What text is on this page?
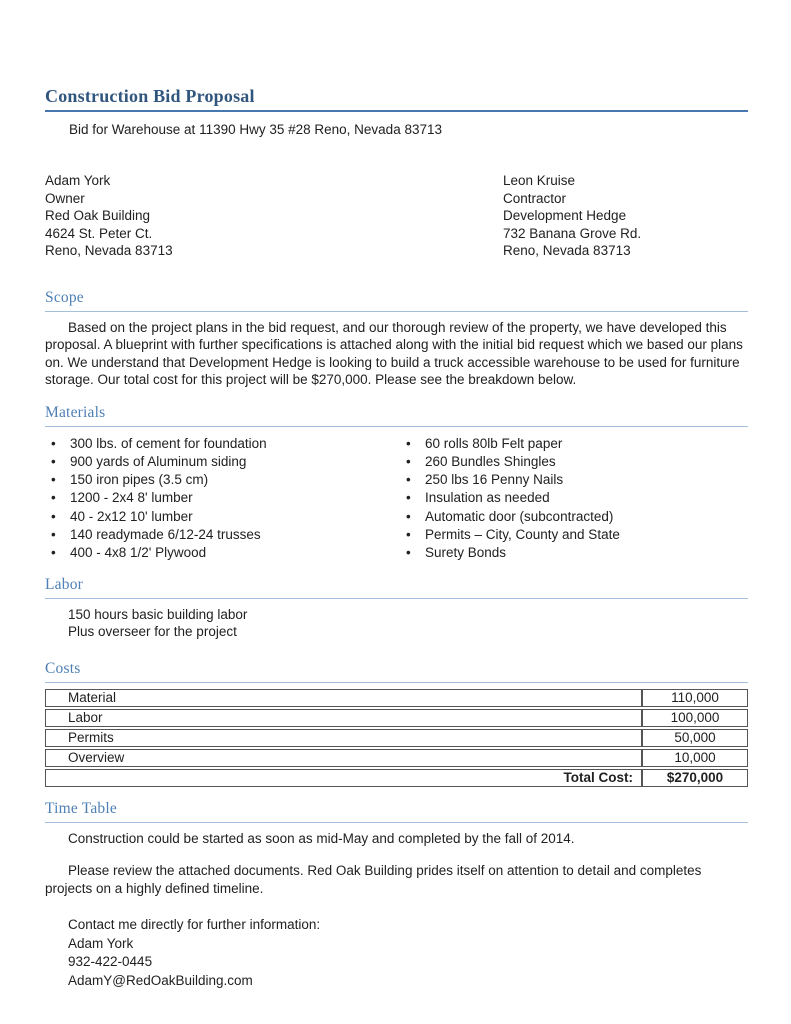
Construction Bid Proposal

Bid for Warehouse at 11390 Hwy 35 #28 Reno, Nevada 83713

Adam York

Owner

Red Oak Building

4624 St. Peter Ct.

Reno, Nevada 83713

Leon Kruise

Contractor

Development Hedge

732 Banana Grove Rd.

Reno, Nevada 83713

Scope

Based on the project plans in the bid request, and our thorough review of the property, we have developed this proposal. A blueprint with further specifications is attached along with the initial bid request which we based our plans on. We understand that Development Hedge is looking to build a truck accessible warehouse to be used for furniture storage. Our total cost for this project will be $270,000. Please see the breakdown below.

Materials
• 300 lbs. of cement for foundation
• 900 yards of Aluminum siding
• 150 iron pipes (3.5 cm)
• 1200 - 2x4 8' lumber
• 40 - 2x12 10' lumber
• 140 readymade 6/12-24 trusses
• 400 - 4x8 1/2' Plywood
• 60 rolls 80lb Felt paper
• 260 Bundles Shingles
• 250 lbs 16 Penny Nails
• Insulation as needed
• Automatic door (subcontracted)
• Permits – City, County and State
• Surety Bonds
Labor

150 hours basic building labor

Plus overseer for the project

Costs
Material	110,000
Labor	100,000
Permits	50,000
Overview	10,000
Total Cost:	$270,000
Time Table

Construction could be started as soon as mid-May and completed by the fall of 2014.

Please review the attached documents. Red Oak Building prides itself on attention to detail and completes projects on a highly defined timeline.

Contact me directly for further information:

Adam York

932-422-0445

AdamY@RedOakBuilding.com
